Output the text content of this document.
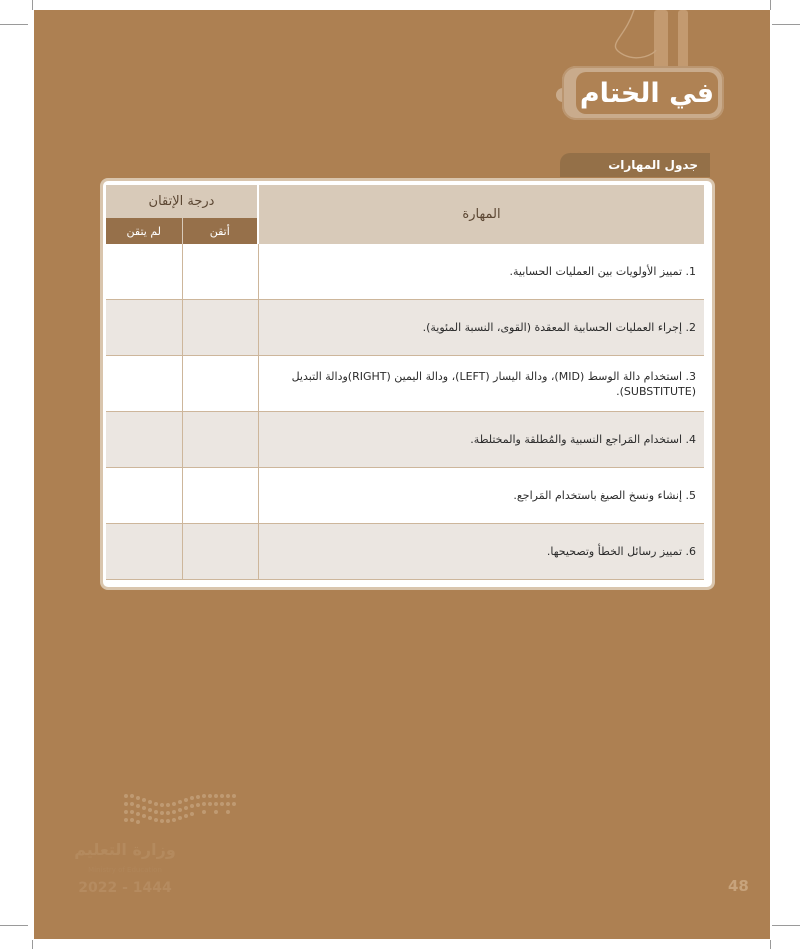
في الختام
جدول المهارات
المهارة	درجة الإتقان	
	أتقن	لم يتقن
1. تمييز الأولويات بين العمليات الحسابية.		
2. إجراء العمليات الحسابية المعقدة (القوى، النسبة المئوية).		
3. استخدام دالة الوسط (MID)، ودالة اليسار (LEFT)، ودالة اليمين (RIGHT)ودالة التبديل (SUBSTITUTE).		
4. استخدام المَراجع النسبية والمُطلقة والمختلطة.		
5. إنشاء ونسخ الصيغ باستخدام المَراجع.		
6. تمييز رسائل الخطأ وتصحيحها.		
وزارة التعليم
Ministry of Education
2022 - 1444	48
